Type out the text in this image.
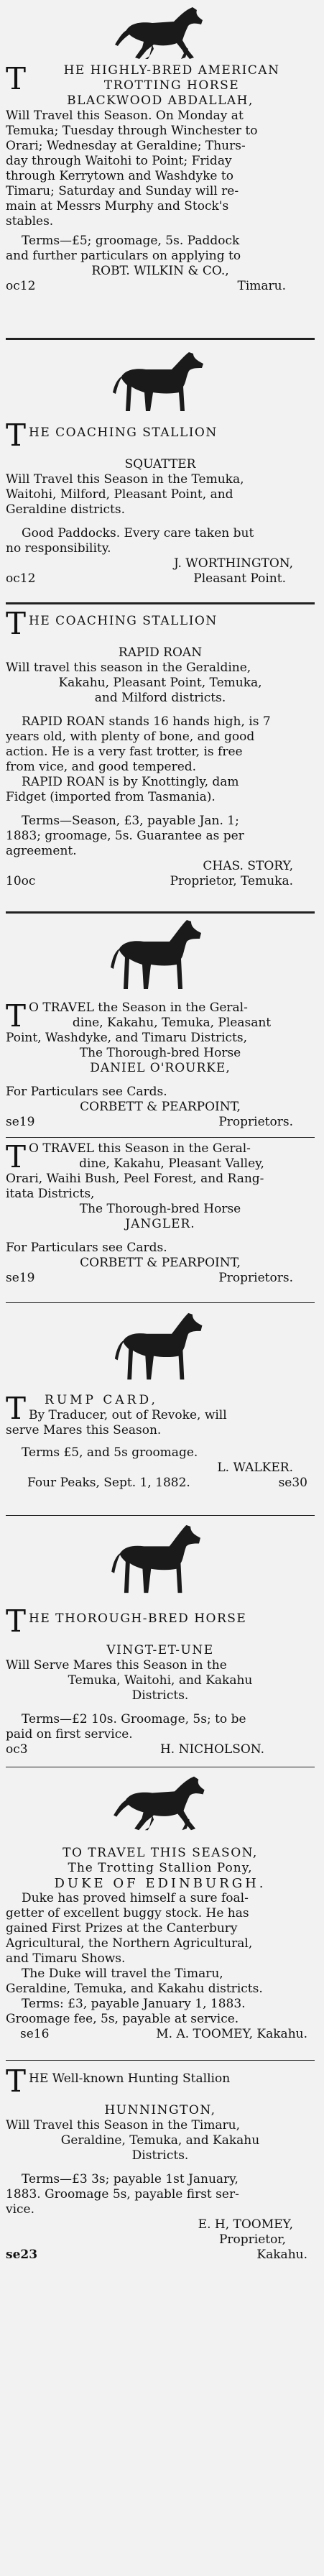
T	HE HIGHLY-BRED AMERICAN
TROTTING HORSE
BLACKWOOD ABDALLAH,
Will Travel this Season. On Monday at
Temuka; Tuesday through Winchester to
Orari; Wednesday at Geraldine; Thurs-
day through Waitohi to Point; Friday
through Kerrytown and Washdyke to
Timaru; Saturday and Sunday will re-
main at Messrs Murphy and Stock's
stables.
Terms—£5; groomage, 5s. Paddock
and further particulars on applying to
ROBT. WILKIN & CO.,
oc12	Timaru.
T HE COACHING STALLION
SQUATTER
Will Travel this Season in the Temuka,
Waitohi, Milford, Pleasant Point, and
Geraldine districts.
Good Paddocks. Every care taken but
no responsibility.
J. WORTHINGTON,
oc12	Pleasant Point.
T HE COACHING STALLION
RAPID ROAN
Will travel this season in the Geraldine,
Kakahu, Pleasant Point, Temuka,
and Milford districts.
RAPID ROAN stands 16 hands high, is 7
years old, with plenty of bone, and good
action. He is a very fast trotter, is free
from vice, and good tempered.
RAPID ROAN is by Knottingly, dam
Fidget (imported from Tasmania).
Terms—Season, £3, payable Jan. 1;
1883; groomage, 5s. Guarantee as per
agreement.
CHAS. STORY,
10oc	Proprietor, Temuka.
T O TRAVEL the Season in the Geral-
dine, Kakahu, Temuka, Pleasant
Point, Washdyke, and Timaru Districts,
The Thorough-bred Horse
DANIEL O'ROURKE,
For Particulars see Cards.
CORBETT & PEARPOINT,
se19	Proprietors.
T O TRAVEL this Season in the Geral-
dine, Kakahu, Pleasant Valley,
Orari, Waihi Bush, Peel Forest, and Rang-
itata Districts,
The Thorough-bred Horse
JANGLER.
For Particulars see Cards.
CORBETT & PEARPOINT,
se19	Proprietors.
T	RUMP CARD,
By Traducer, out of Revoke, will
serve Mares this Season.
Terms £5, and 5s groomage.
L. WALKER.
Four Peaks, Sept. 1, 1882.	se30
T HE THOROUGH-BRED HORSE
VINGT-ET-UNE
Will Serve Mares this Season in the
Temuka, Waitohi, and Kakahu
Districts.
Terms—£2 10s. Groomage, 5s; to be
paid on first service.
oc3	H. NICHOLSON.
TO TRAVEL THIS SEASON,
The Trotting Stallion Pony,
DUKE OF EDINBURGH.
Duke has proved himself a sure foal-
getter of excellent buggy stock. He has
gained First Prizes at the Canterbury
Agricultural, the Northern Agricultural,
and Timaru Shows.
The Duke will travel the Timaru,
Geraldine, Temuka, and Kakahu districts.
Terms: £3, payable January 1, 1883.
Groomage fee, 5s, payable at service.
se16	M. A. TOOMEY, Kakahu.
T HE Well-known Hunting Stallion
HUNNINGTON,
Will Travel this Season in the Timaru,
Geraldine, Temuka, and Kakahu
Districts.
Terms—£3 3s; payable 1st January,
1883. Groomage 5s, payable first ser-
vice.
E. H, TOOMEY,
Proprietor,
se23	Kakahu.
